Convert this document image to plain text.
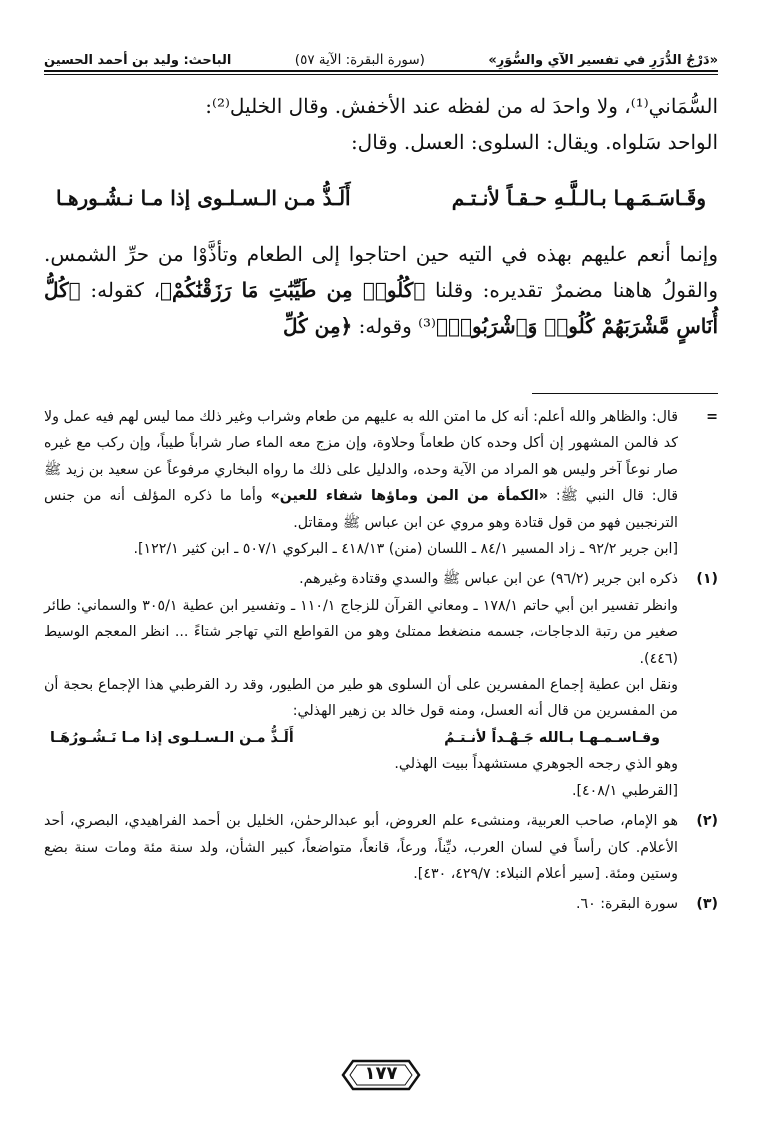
«دَرْجُ الدُّرَرِ في تفسير الآي والسُّوَرِ»
(سورة البقرة: الآية ٥٧)
الباحث: وليد بن أحمد الحسين

السُّمَاني⁽¹⁾، ولا واحدَ له من لفظه عند الأخفش. وقال الخليل⁽²⁾:

الواحد سَلواه. ويقال: السلوى: العسل. وقال:

وقَـاسَـمَـهـا بـالـلَّـهِ حـقـاً لأنـتـم
أَلَـذُّ مـن الـسـلـوى إذا مـا نـشُـورهـا

وإنما أنعم عليهم بهذه في التيه حين احتاجوا إلى الطعام وتأذَّوْا من حرِّ الشمس. والقولُ هاهنا مضمرٌ تقديره: وقلنا ﴿كُلُوا۟ مِن طَيِّبَٰتِ مَا رَزَقْنَٰكُمْ﴾، كقوله: ﴿كُلُّ أُنَاسٍ مَّشْرَبَهُمْ كُلُوا۟ وَٱشْرَبُوا۟﴾⁽³⁾ وقوله: ﴿مِن كُلِّ

=

قال: والظاهر والله أعلم: أنه كل ما امتن الله به عليهم من طعام وشراب وغير ذلك مما ليس لهم فيه عمل ولا كد فالمن المشهور إن أكل وحده كان طعاماً وحلاوة، وإن مزج معه الماء صار شراباً طيباً، وإن ركب مع غيره صار نوعاً آخر وليس هو المراد من الآية وحده، والدليل على ذلك ما رواه البخاري مرفوعاً عن سعيد بن زيد ﷺ قال: قال النبي ﷺ: «الكمأة من المن وماؤها شفاء للعين» وأما ما ذكره المؤلف أنه من جنس الترنجبين فهو من قول قتادة وهو مروي عن ابن عباس ﷺ ومقاتل.

[ابن جرير ٩٢/٢ ـ زاد المسير ٨٤/١ ـ اللسان (منن) ٤١٨/١٣ ـ البركوي ٥٠٧/١ ـ ابن كثير ١٢٢/١].

(١)

ذكره ابن جرير (٩٦/٢) عن ابن عباس ﷺ والسدي وقتادة وغيرهم.

وانظر تفسير ابن أبي حاتم ١٧٨/١ ـ ومعاني القرآن للزجاج ١١٠/١ ـ وتفسير ابن عطية ٣٠٥/١ والسماني: طائر صغير من رتبة الدجاجات، جسمه منضغط ممتلئ وهو من القواطع التي تهاجر شتاءً ... انظر المعجم الوسيط (٤٤٦).

ونقل ابن عطية إجماع المفسرين على أن السلوى هو طير من الطيور، وقد رد القرطبي هذا الإجماع بحجة أن من المفسرين من قال أنه العسل، ومنه قول خالد بن زهير الهذلي:

وقـاسـمـهـا بـالله جَـهْـداً لأنـتـمُ
أَلَـذُّ مـن الـسـلـوى إذا مـا نَـشُـورُهَـا

وهو الذي رجحه الجوهري مستشهداً ببيت الهذلي.

[القرطبي ٤٠٨/١].

(٢)

هو الإمام، صاحب العربية، ومنشىء علم العروض، أبو عبدالرحمٰن، الخليل بن أحمد الفراهيدي، البصري، أحد الأعلام. كان رأساً في لسان العرب، ديِّناً، ورعاً، قانعاً، متواضعاً، كبير الشأن، ولد سنة مئة ومات سنة بضع وستين ومئة. [سير أعلام النبلاء: ٤٢٩/٧، ٤٣٠].

(٣)

سورة البقرة: ٦٠.

١٧٧
